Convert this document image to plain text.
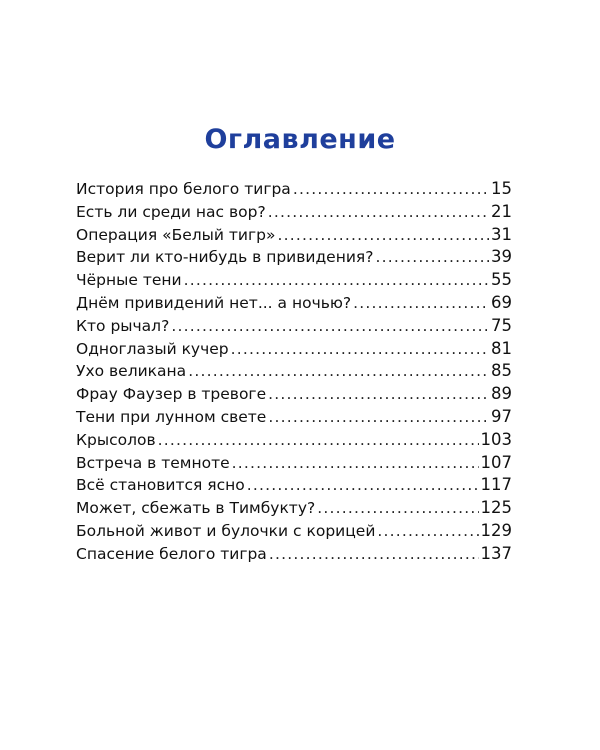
Оглавление
История про белого тигра .....	15
Есть ли среди нас вор? .....	21
Операция «Белый тигр» .....	31
Верит ли кто-нибудь в привидения? .....	39
Чёрные тени .....	55
Днём привидений нет... а ночью? .....	69
Кто рычал? .....	75
Одноглазый кучер .....	81
Ухо великана .....	85
Фрау Фаузер в тревоге .....	89
Тени при лунном свете .....	97
Крысолов .....	103
Встреча в темноте .....	107
Всё становится ясно .....	117
Может, сбежать в Тимбукту? .....	125
Больной живот и булочки с корицей .....	129
Спасение белого тигра .....	137
